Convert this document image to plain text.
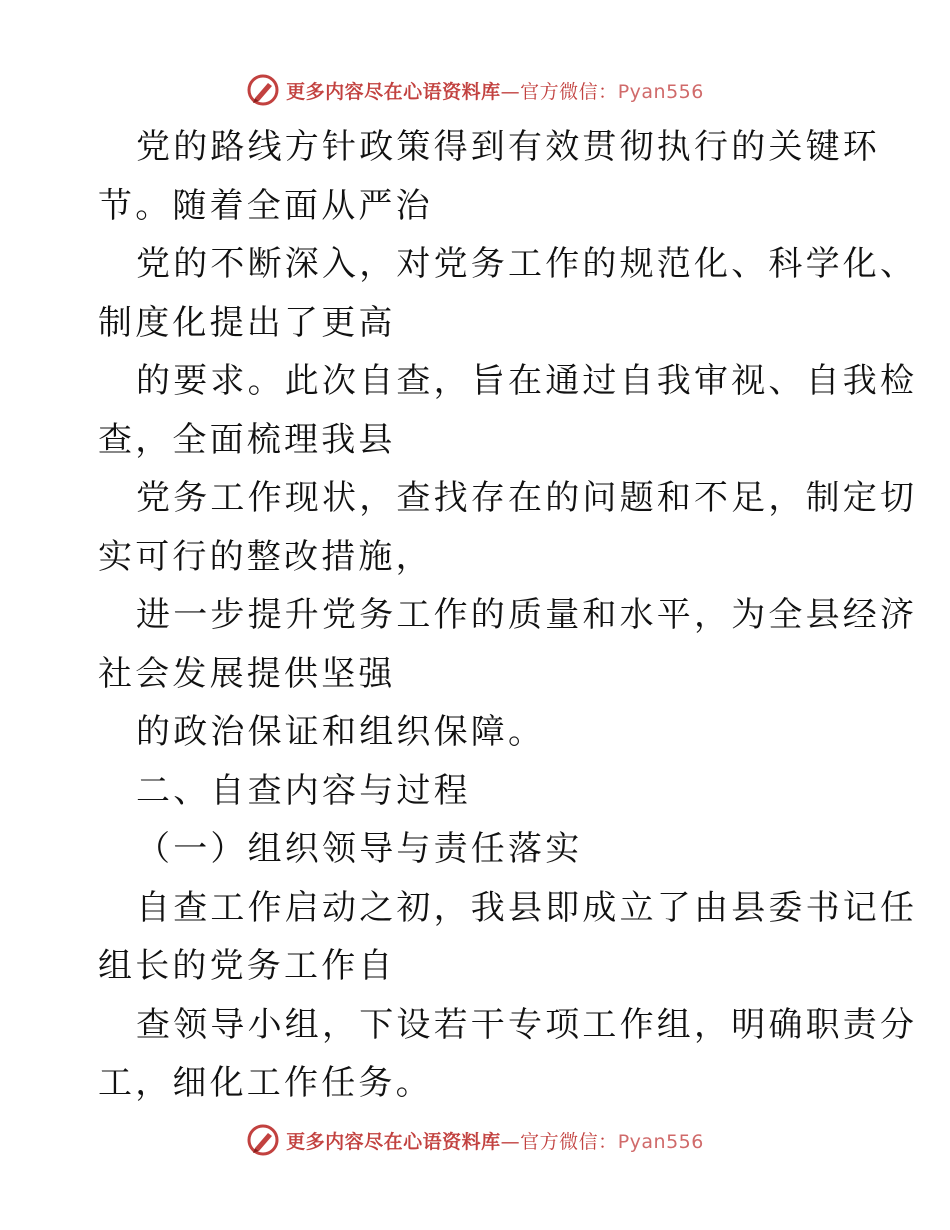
更多内容尽在心语资料库—官方微信：Pyan556
党的路线方针政策得到有效贯彻执行的关键环
节。随着全面从严治
党的不断深入，对党务工作的规范化、科学化、
制度化提出了更高
的要求。此次自查，旨在通过自我审视、自我检
查，全面梳理我县
党务工作现状，查找存在的问题和不足，制定切
实可行的整改措施，
进一步提升党务工作的质量和水平，为全县经济
社会发展提供坚强
的政治保证和组织保障。
二、自查内容与过程
（一）组织领导与责任落实
自查工作启动之初，我县即成立了由县委书记任
组长的党务工作自
查领导小组，下设若干专项工作组，明确职责分
工，细化工作任务。
更多内容尽在心语资料库—官方微信：Pyan556
